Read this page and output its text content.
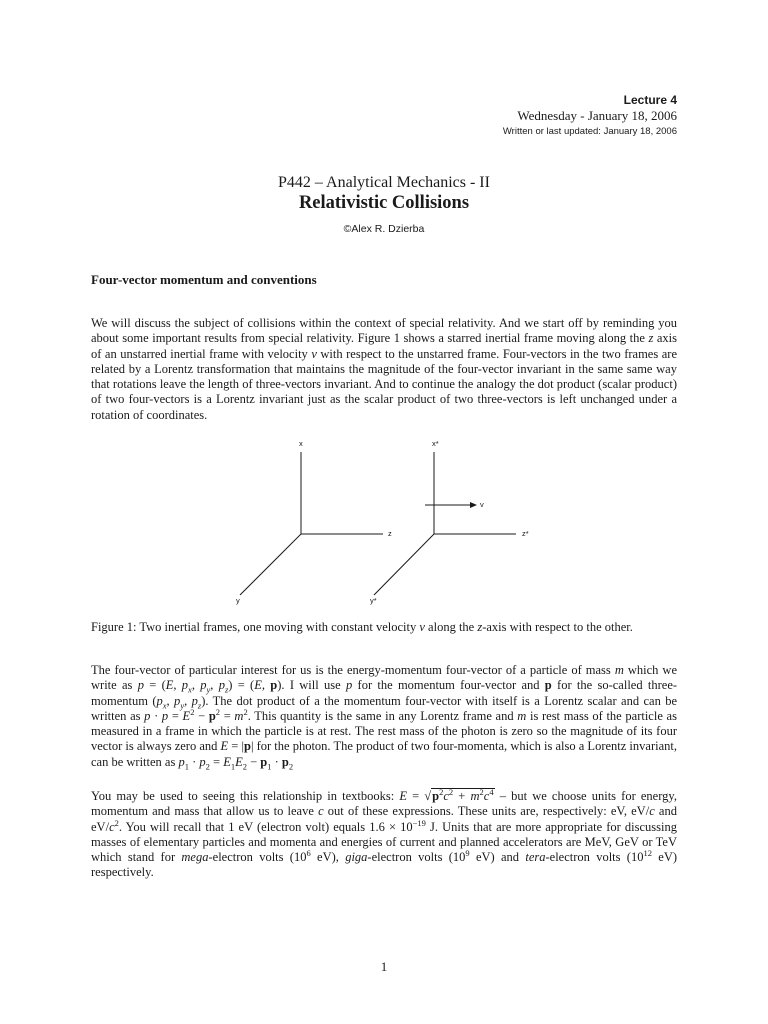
Lecture 4
Wednesday - January 18, 2006
Written or last updated: January 18, 2006
P442 – Analytical Mechanics - II
Relativistic Collisions
©Alex R. Dzierba
Four-vector momentum and conventions

We will discuss the subject of collisions within the context of special relativity. And we start off by reminding you about some important results from special relativity. Figure 1 shows a starred inertial frame moving along the z axis of an unstarred inertial frame with velocity v with respect to the unstarred frame. Four-vectors in the two frames are related by a Lorentz transformation that maintains the magnitude of the four-vector invariant in the same same way that rotations leave the length of three-vectors invariant. And to continue the analogy the dot product (scalar product) of two four-vectors is a Lorentz invariant just as the scalar product of two three-vectors is left unchanged under a rotation of coordinates.

x
z
y
x*
z*
y*
v

Figure 1: Two inertial frames, one moving with constant velocity v along the z-axis with respect to the other.

The four-vector of particular interest for us is the energy-momentum four-vector of a particle of mass m which we write as p = (E, $p_x$, $p_y$, $p_z) = (E$, p). I will use p for the momentum four-vector and p for the so-called three-momentum ($p_x$, $p_y$, $p_z$). The dot product of a the momentum four-vector with itself is a Lorentz scalar and can be written as $p \cdot p = E^2 - p^2 = m^2$. This quantity is the same in any Lorentz frame and m is rest mass of the particle as measured in a frame in which the particle is at rest. The rest mass of the photon is zero so the magnitude of its four vector is always zero and E = |p| for the photon. The product of two four-momenta, which is also a Lorentz invariant, can be written as $p_1 \cdot p_2 = E_1E_2 - p_1 \cdot p_2$

You may be used to seeing this relationship in textbooks: $E = √p^2c^2 + m^2c^4$ – but we choose units for energy, momentum and mass that allow us to leave c out of these expressions. These units are, respectively: eV, eV/c and $eV/c^2$. You will recall that 1 eV (electron volt) equals $1.6 \times 10^{-19}$ J. Units that are more appropriate for discussing masses of elementary particles and momenta and energies of current and planned accelerators are MeV, GeV or TeV which stand for mega-electron volts ($10^6$ eV), giga-electron volts ($10^9$ eV) and tera-electron volts ($10^{12}$ eV) respectively.

1
